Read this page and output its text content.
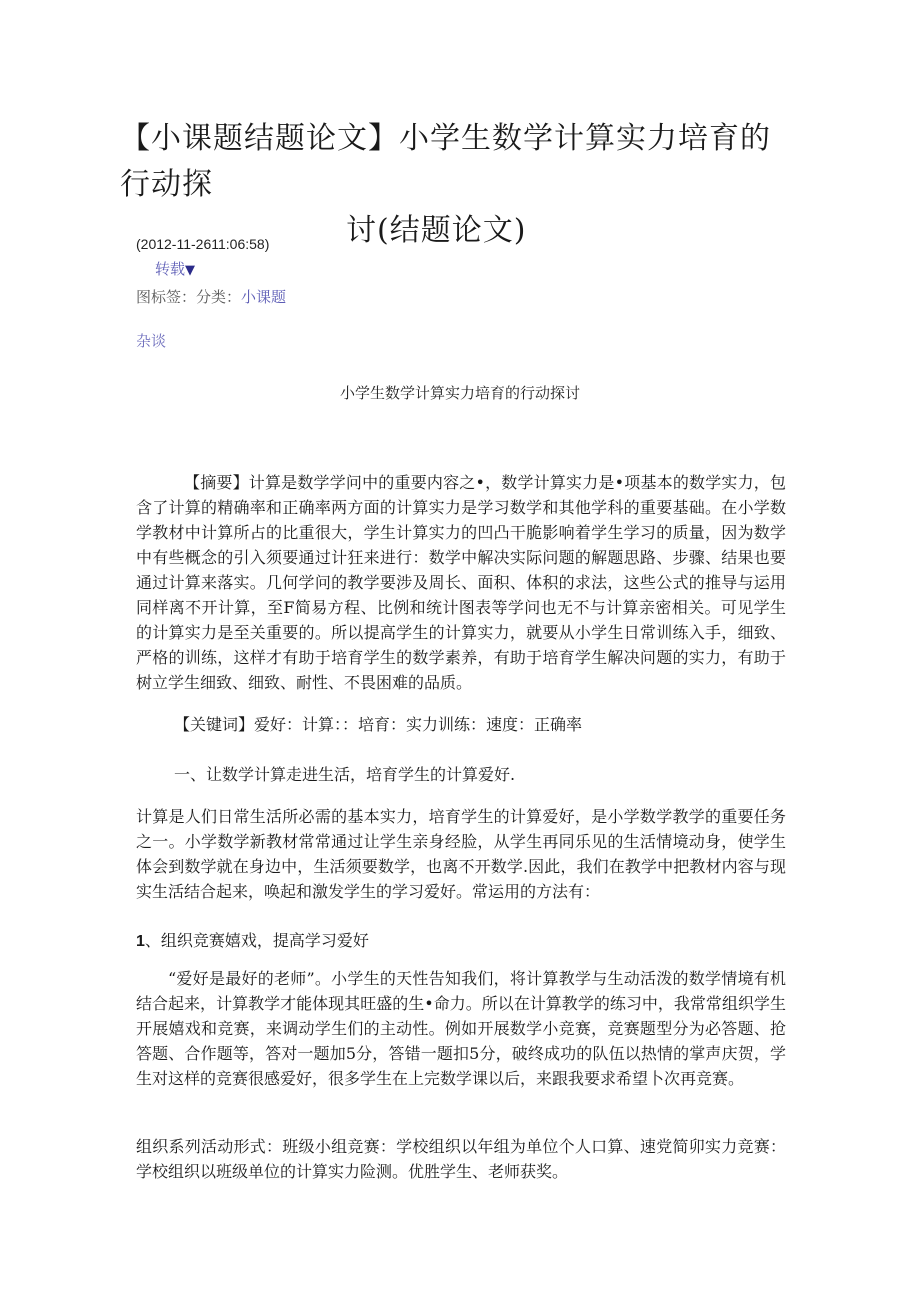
【小课题结题论文】小学生数学计算实力培育的行动探
讨(结题论文)
(2012-11-2611:06:58)
转载▼
图标签：分类：小课题
杂谈
小学生数学计算实力培育的行动探讨

【摘要】计算是数学学问中的重要内容之•，数学计算实力是•项基本的数学实力，包含了计算的精确率和正确率两方面的计算实力是学习数学和其他学科的重要基础。在小学数学教材中计算所占的比重很大，学生计算实力的凹凸干脆影响着学生学习的质量，因为数学中有些概念的引入须要通过计狂来进行：数学中解决实际问题的解题思路、步骤、结果也要通过计算来落实。几何学问的教学要涉及周长、面积、体积的求法，这些公式的推导与运用同样离不开计算，至F简易方程、比例和统计图表等学问也无不与计算亲密相关。可见学生的计算实力是至关重要的。所以提高学生的计算实力，就要从小学生日常训练入手，细致、严格的训练，这样才有助于培育学生的数学素养，有助于培育学生解决问题的实力，有助于树立学生细致、细致、耐性、不畏困难的品质。

【关键词】爱好：计算：：培育：实力训练：速度：正确率

一、让数学计算走进生活，培育学生的计算爱好.

计算是人们日常生活所必需的基本实力，培育学生的计算爱好，是小学数学教学的重要任务之一。小学数学新教材常常通过让学生亲身经脸，从学生再同乐见的生活情境动身，使学生体会到数学就在身边中，生活须要数学，也离不开数学.因此，我们在教学中把教材内容与现实生活结合起来，唤起和激发学生的学习爱好。常运用的方法有：

1、组织竞赛嬉戏，提高学习爱好

“爱好是最好的老师”。小学生的天性告知我们，将计算教学与生动活泼的数学情境有机结合起来，计算教学才能体现其旺盛的生•命力。所以在计算教学的练习中，我常常组织学生开展嬉戏和竞赛，来调动学生们的主动性。例如开展数学小竞赛，竞赛题型分为必答题、抢答题、合作题等，答对一题加5分，答错一题扣5分，破终成功的队伍以热情的掌声庆贺，学生对这样的竞赛很感爱好，很多学生在上完数学课以后，来跟我要求希望卜次再竞赛。

组织系列活动形式：班级小组竞赛：学校组织以年组为单位个人口算、速党简卯实力竞赛：学校组织以班级单位的计算实力险测。优胜学生、老师获奖。
